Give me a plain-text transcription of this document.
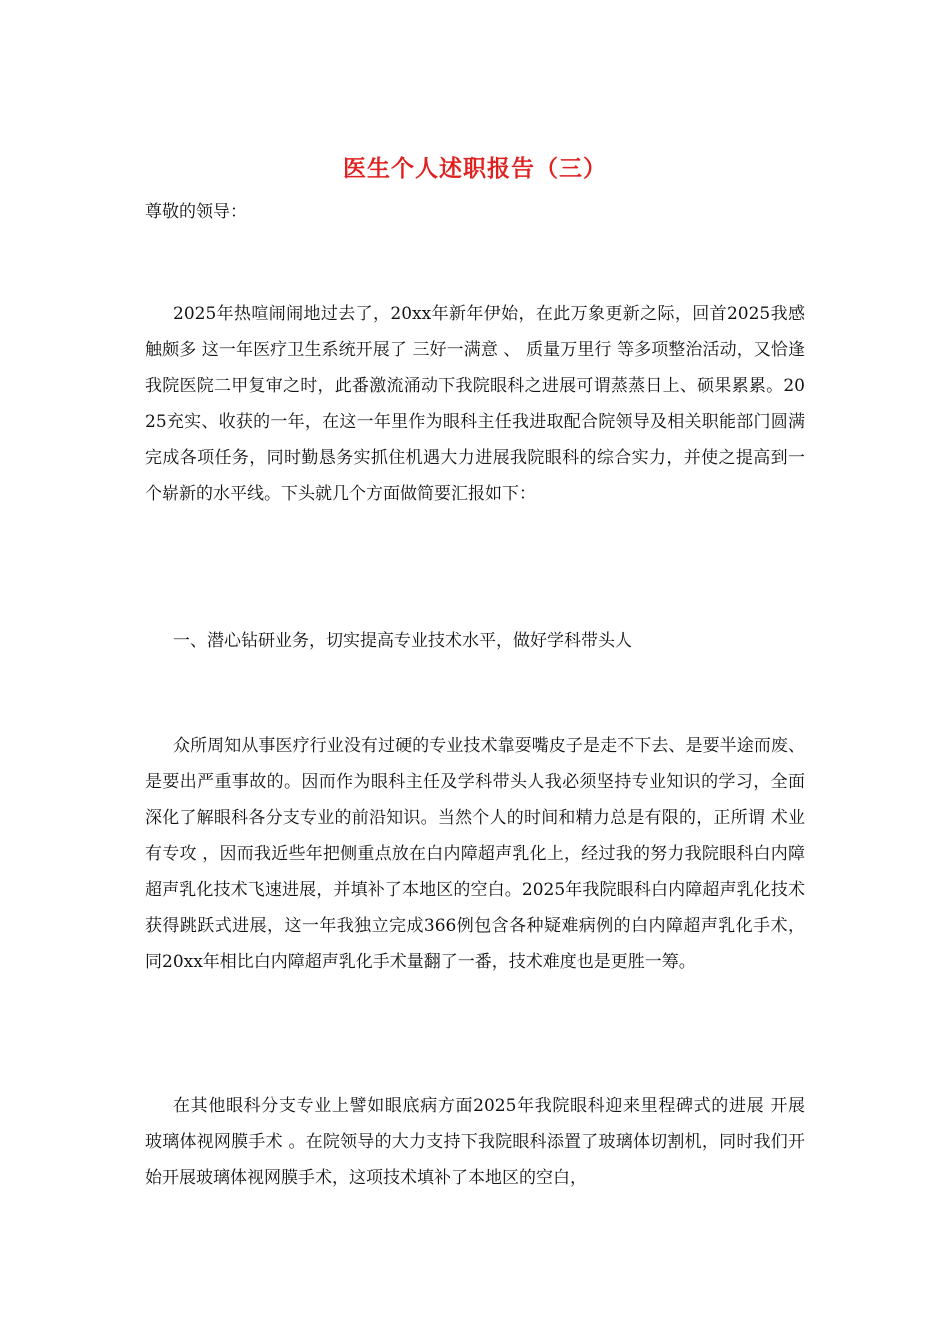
医生个人述职报告（三）
尊敬的领导：
2025年热喧闹闹地过去了，20xx年新年伊始，在此万象更新之际，回首2025我感触颇多 这一年医疗卫生系统开展了 三好一满意 、 质量万里行 等多项整治活动，又恰逢我院医院二甲复审之时，此番激流涌动下我院眼科之进展可谓蒸蒸日上、硕果累累。2025充实、收获的一年，在这一年里作为眼科主任我进取配合院领导及相关职能部门圆满完成各项任务，同时勤恳务实抓住机遇大力进展我院眼科的综合实力，并使之提高到一个崭新的水平线。下头就几个方面做简要汇报如下：
一、潜心钻研业务，切实提高专业技术水平，做好学科带头人
众所周知从事医疗行业没有过硬的专业技术靠耍嘴皮子是走不下去、是要半途而废、是要出严重事故的。因而作为眼科主任及学科带头人我必须坚持专业知识的学习，全面深化了解眼科各分支专业的前沿知识。当然个人的时间和精力总是有限的，正所谓 术业有专攻 ，因而我近些年把侧重点放在白内障超声乳化上，经过我的努力我院眼科白内障超声乳化技术飞速进展，并填补了本地区的空白。2025年我院眼科白内障超声乳化技术获得跳跃式进展，这一年我独立完成366例包含各种疑难病例的白内障超声乳化手术，同20xx年相比白内障超声乳化手术量翻了一番，技术难度也是更胜一筹。
在其他眼科分支专业上譬如眼底病方面2025年我院眼科迎来里程碑式的进展 开展 玻璃体视网膜手术 。在院领导的大力支持下我院眼科添置了玻璃体切割机，同时我们开始开展玻璃体视网膜手术，这项技术填补了本地区的空白，
